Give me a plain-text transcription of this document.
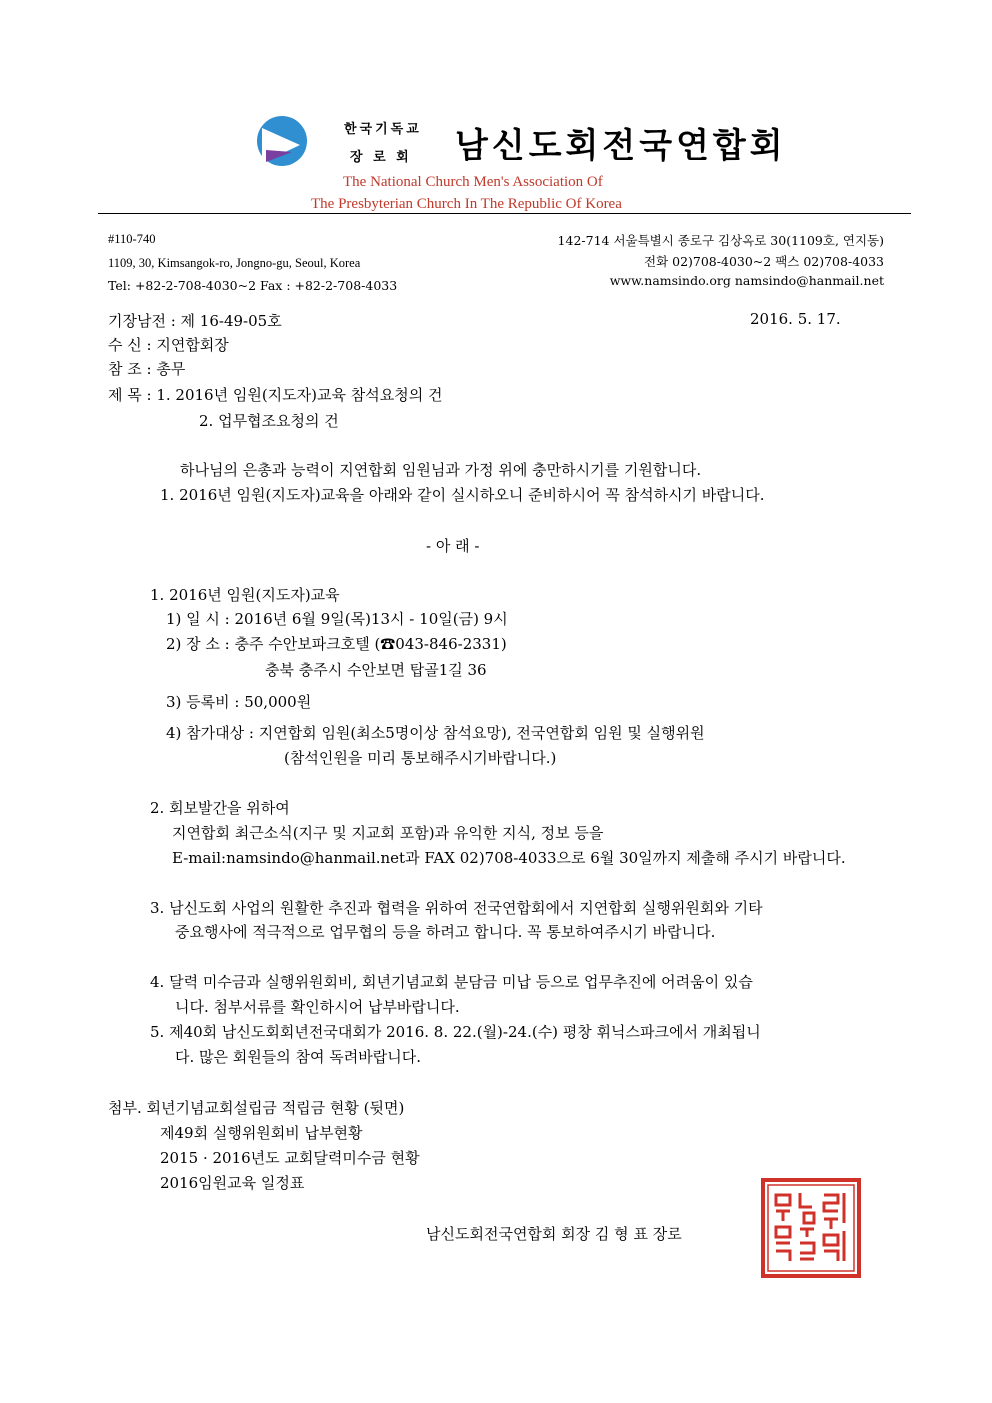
한국기독교
장 로 회 남신도회전국연합회
The National Church Men's Association Of
The Presbyterian Church In The Republic Of Korea
#110-740
1109, 30, Kimsangok-ro, Jongno-gu, Seoul, Korea
Tel: +82-2-708-4030~2 Fax : +82-2-708-4033
142-714 서울특별시 종로구 김상옥로 30(1109호, 연지동)
전화 02)708-4030~2 팩스 02)708-4033
www.namsindo.org namsindo@hanmail.net
기장남전 : 제 16-49-05호	2016. 5. 17.
수 신 : 지연합회장
참 조 : 총무
제 목 : 1. 2016년 임원(지도자)교육 참석요청의 건
2. 업무협조요청의 건
하나님의 은총과 능력이 지연합회 임원님과 가정 위에 충만하시기를 기원합니다.
1. 2016년 임원(지도자)교육을 아래와 같이 실시하오니 준비하시어 꼭 참석하시기 바랍니다.
- 아 래 -
1. 2016년 임원(지도자)교육
1) 일 시 : 2016년 6월 9일(목)13시 - 10일(금) 9시
2) 장 소 : 충주 수안보파크호텔 (☎043-846-2331)
충북 충주시 수안보면 탑골1길 36
3) 등록비 : 50,000원
4) 참가대상 : 지연합회 임원(최소5명이상 참석요망), 전국연합회 임원 및 실행위원
(참석인원을 미리 통보해주시기바랍니다.)
2. 회보발간을 위하여
지연합회 최근소식(지구 및 지교회 포함)과 유익한 지식, 정보 등을
E-mail:namsindo@hanmail.net과 FAX 02)708-4033으로 6월 30일까지 제출해 주시기 바랍니다.
3. 남신도회 사업의 원활한 추진과 협력을 위하여 전국연합회에서 지연합회 실행위원회와 기타
중요행사에 적극적으로 업무협의 등을 하려고 합니다. 꼭 통보하여주시기 바랍니다.
4. 달력 미수금과 실행위원회비, 회년기념교회 분담금 미납 등으로 업무추진에 어려움이 있습
니다. 첨부서류를 확인하시어 납부바랍니다.
5. 제40회 남신도회회년전국대회가 2016. 8. 22.(월)-24.(수) 평창 휘닉스파크에서 개최됩니
다. 많은 회원들의 참여 독려바랍니다.
첨부. 회년기념교회설립금 적립금 현황 (뒷면)
제49회 실행위원회비 납부현황
2015 · 2016년도 교회달력미수금 현황
2016임원교육 일정표
남신도회전국연합회 회장 김 형 표 장로
